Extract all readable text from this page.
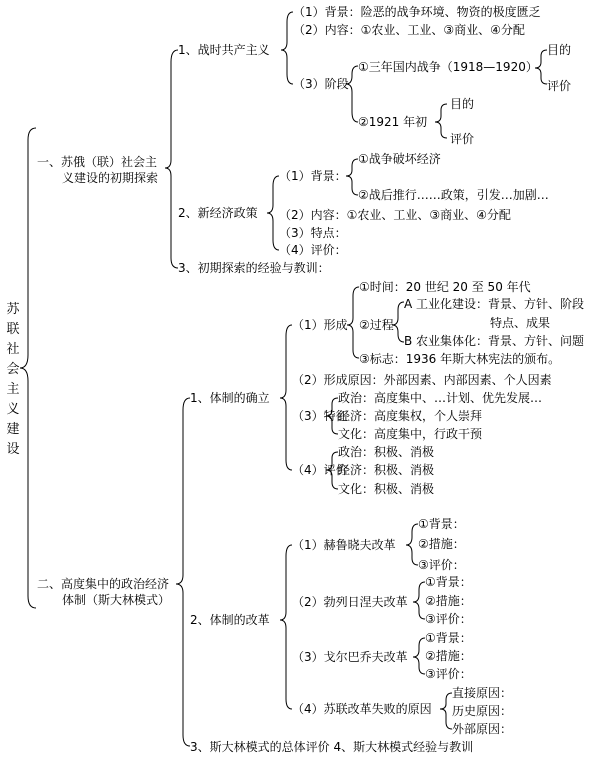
苏联社会主义建设
一、苏俄（联）社会主
义建设的初期探索
1、战时共产主义
（1）背景：险恶的战争环境、物资的极度匮乏
（2）内容：①农业、工业、③商业、④分配
（3）阶段
①三年国内战争（1918—1920）
目的
评价
②1921 年初
目的
评价
2、新经济政策
（1）背景：
①战争破坏经济
②战后推行……政策，引发…加剧…
（2）内容：①农业、工业、③商业、④分配
（3）特点：
（4）评价：
3、初期探索的经验与教训：
二、高度集中的政治经济
体制（斯大林模式）
1、体制的确立
（1）形成
①时间：20 世纪 20 至 50 年代
②过程
A 工业化建设：背景、方针、阶段
特点、成果
B 农业集体化：背景、方针、问题
③标志：1936 年斯大林宪法的颁布。
（2）形成原因：外部因素、内部因素、个人因素
（3）特征
政治：高度集中、…计划、优先发展…
经济：高度集权，个人崇拜
文化：高度集中，行政干预
（4）评价
政治：积极、消极
经济：积极、消极
文化：积极、消极
2、体制的改革
（1）赫鲁晓夫改革
①背景：
②措施：
③评价：
（2）勃列日涅夫改革
①背景：
②措施：
③评价：
（3）戈尔巴乔夫改革
①背景：
②措施：
③评价：
（4）苏联改革失败的原因
直接原因：
历史原因：
外部原因：
3、斯大林模式的总体评价 4、斯大林模式经验与教训
